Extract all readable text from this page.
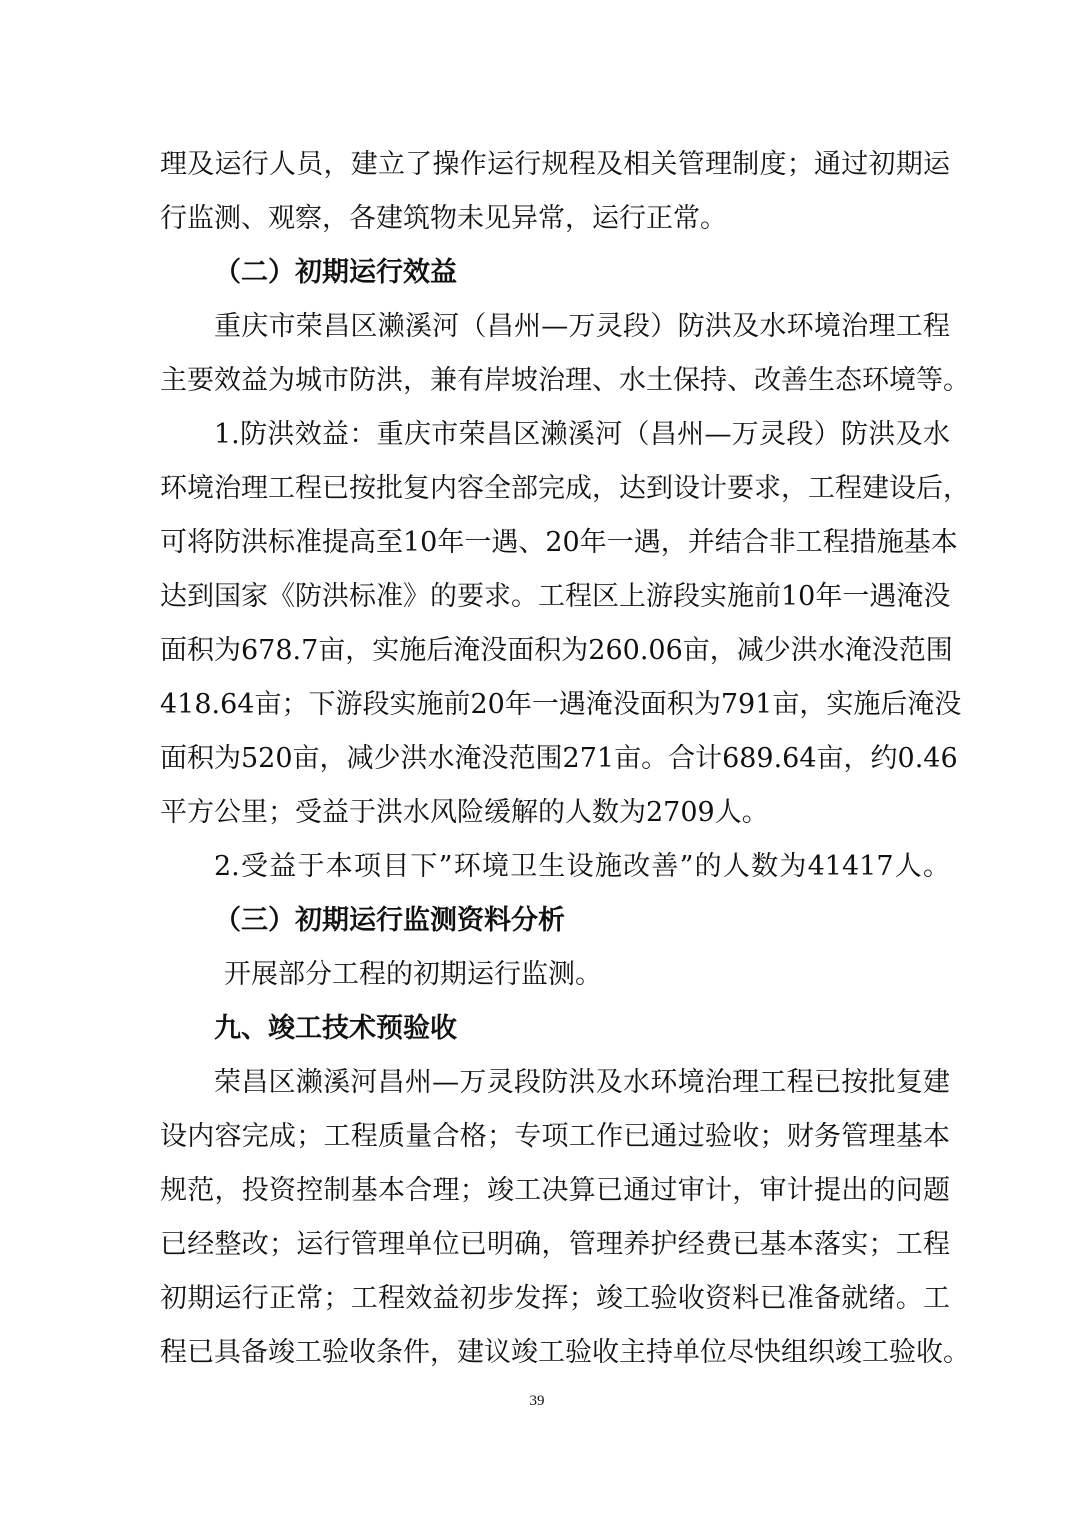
理及运行人员，建立了操作运行规程及相关管理制度；通过初期运
行监测、观察，各建筑物未见异常，运行正常。
（二）初期运行效益
重庆市荣昌区濑溪河（昌州—万灵段）防洪及水环境治理工程
主要效益为城市防洪，兼有岸坡治理、水土保持、改善生态环境等。
1.防洪效益：重庆市荣昌区濑溪河（昌州—万灵段）防洪及水
环境治理工程已按批复内容全部完成，达到设计要求，工程建设后，
可将防洪标准提高至10年一遇、20年一遇，并结合非工程措施基本
达到国家《防洪标准》的要求。工程区上游段实施前10年一遇淹没
面积为678.7亩，实施后淹没面积为260.06亩，减少洪水淹没范围
418.64亩；下游段实施前20年一遇淹没面积为791亩，实施后淹没
面积为520亩，减少洪水淹没范围271亩。合计689.64亩，约0.46
平方公里；受益于洪水风险缓解的人数为2709人。
2.受益于本项目下”环境卫生设施改善”的人数为41417人。
（三）初期运行监测资料分析
开展部分工程的初期运行监测。
九、竣工技术预验收
荣昌区濑溪河昌州—万灵段防洪及水环境治理工程已按批复建
设内容完成；工程质量合格；专项工作已通过验收；财务管理基本
规范，投资控制基本合理；竣工决算已通过审计，审计提出的问题
已经整改；运行管理单位已明确，管理养护经费已基本落实；工程
初期运行正常；工程效益初步发挥；竣工验收资料已准备就绪。工
程已具备竣工验收条件，建议竣工验收主持单位尽快组织竣工验收。
39
